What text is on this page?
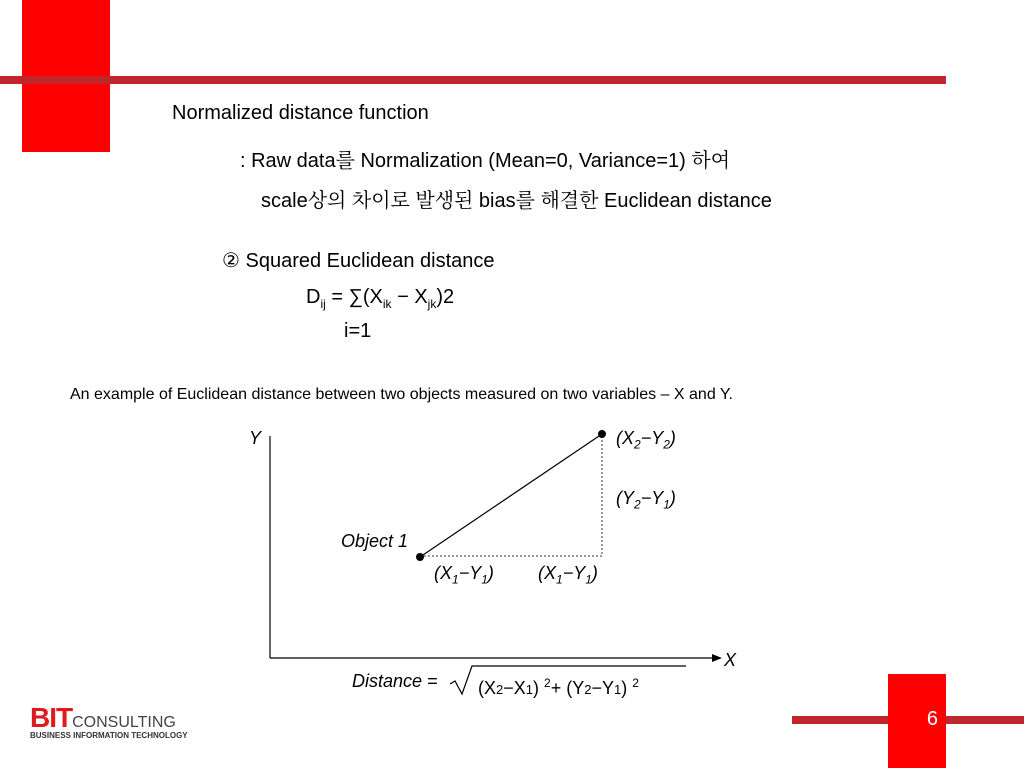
6
Normalized distance function
: Raw data를 Normalization (Mean=0, Variance=1) 하여
scale상의 차이로 발생된 bias를 해결한 Euclidean distance
② Squared Euclidean distance
$D_{ij} = \sum(X_{ik} - X_{jk})2$
i=1
An example of Euclidean distance between two objects measured on two variables – X and Y.
Y
X
$(X_2-Y_2)$
$(Y_2-Y_1)$
Object 1
$(X_1-Y_1)$ $(X_1-Y_1)$
Distance = (X2−X1) $^2$+ (Y2−Y1) $^2$
BITCONSULTING
BUSINESS INFORMATION TECHNOLOGY
